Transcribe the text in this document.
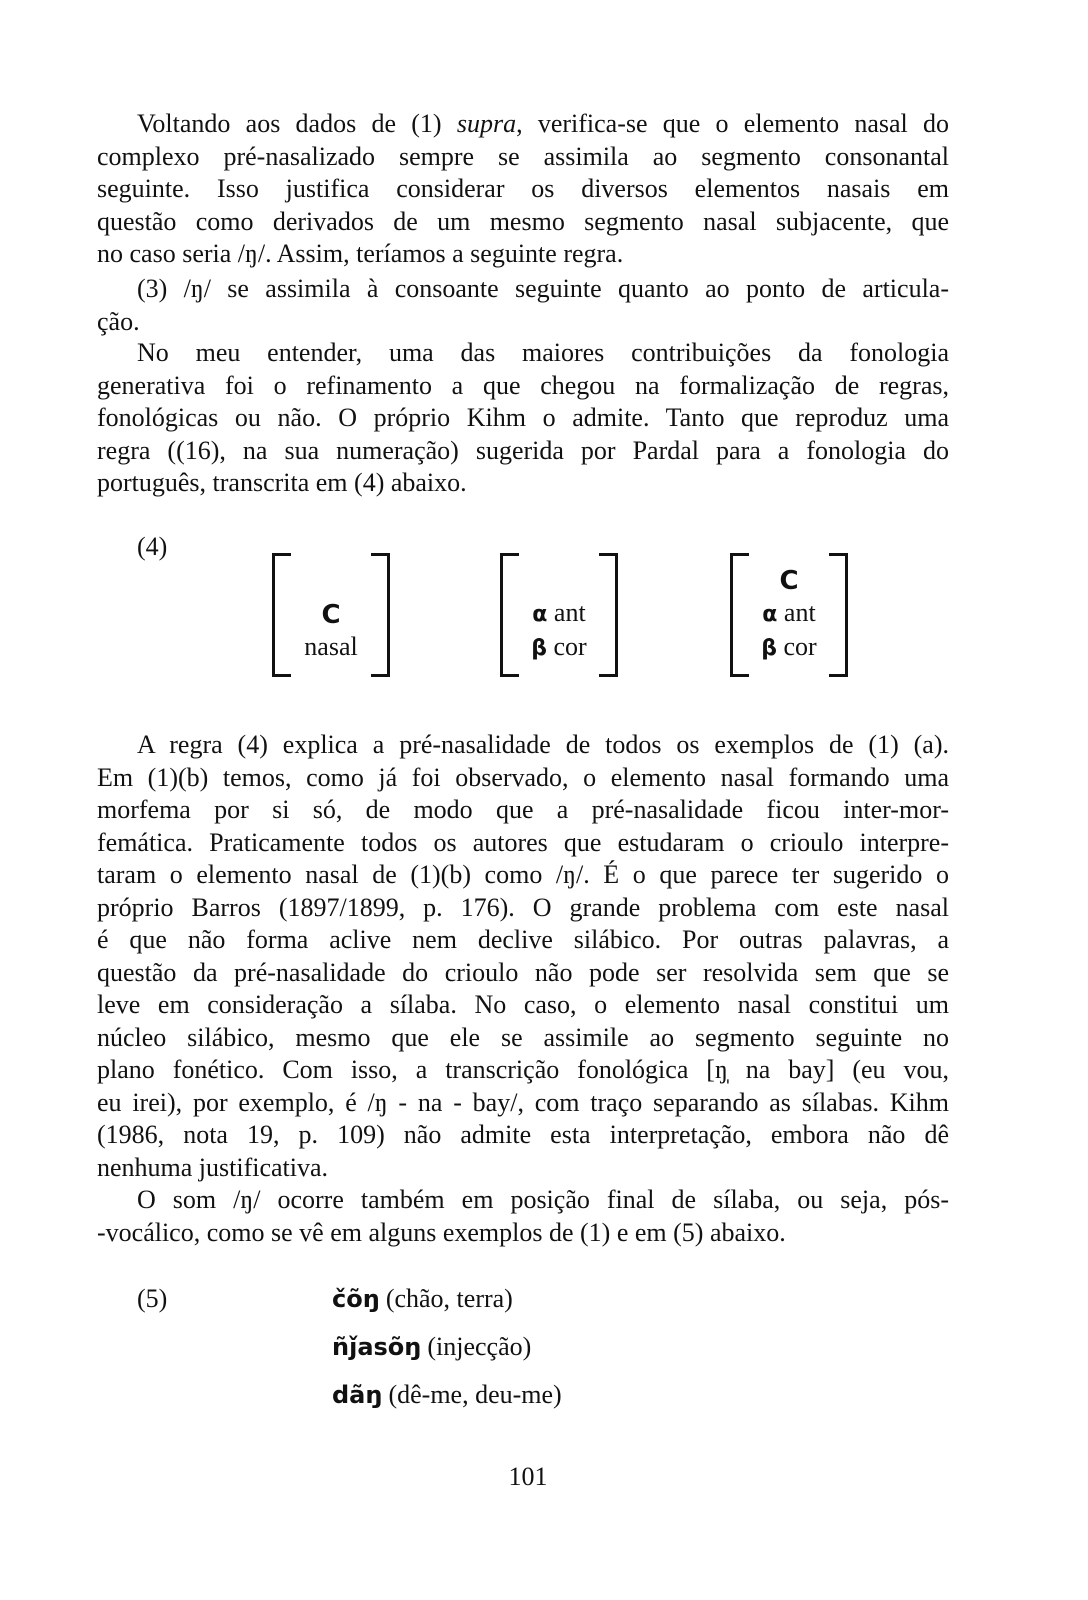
Voltando aos dados de (1) supra, verifica-se que o elemento nasal do
complexo pré-nasalizado sempre se assimila ao segmento consonantal
seguinte. Isso justifica considerar os diversos elementos nasais em
questão como derivados de um mesmo segmento nasal subjacente, que
no caso seria /ŋ/. Assim, teríamos a seguinte regra.
(3) /ŋ/ se assimila à consoante seguinte quanto ao ponto de articula-
ção.
No meu entender, uma das maiores contribuições da fonologia
generativa foi o refinamento a que chegou na formalização de regras,
fonológicas ou não. O próprio Kihm o admite. Tanto que reproduz uma
regra ((16), na sua numeração) sugerida por Pardal para a fonologia do
português, transcrita em (4) abaixo.
(4)
C
nasal
α ant
β cor
C
α ant
β cor
A regra (4) explica a pré-nasalidade de todos os exemplos de (1) (a).
Em (1)(b) temos, como já foi observado, o elemento nasal formando uma
morfema por si só, de modo que a pré-nasalidade ficou inter-mor-
femática. Praticamente todos os autores que estudaram o crioulo interpre-
taram o elemento nasal de (1)(b) como /ŋ/. É o que parece ter sugerido o
próprio Barros (1897/1899, p. 176). O grande problema com este nasal
é que não forma aclive nem declive silábico. Por outras palavras, a
questão da pré-nasalidade do crioulo não pode ser resolvida sem que se
leve em consideração a sílaba. No caso, o elemento nasal constitui um
núcleo silábico, mesmo que ele se assimile ao segmento seguinte no
plano fonético. Com isso, a transcrição fonológica [ŋ̩ na bay] (eu vou,
eu irei), por exemplo, é /ŋ - na - bay/, com traço separando as sílabas. Kihm
(1986, nota 19, p. 109) não admite esta interpretação, embora não dê
nenhuma justificativa.
O som /ŋ/ ocorre também em posição final de sílaba, ou seja, pós-
-vocálico, como se vê em alguns exemplos de (1) e em (5) abaixo.
(5)	čõŋ (chão, terra)
ñǰasõŋ (injecção)
dãŋ (dê-me, deu-me)
101
